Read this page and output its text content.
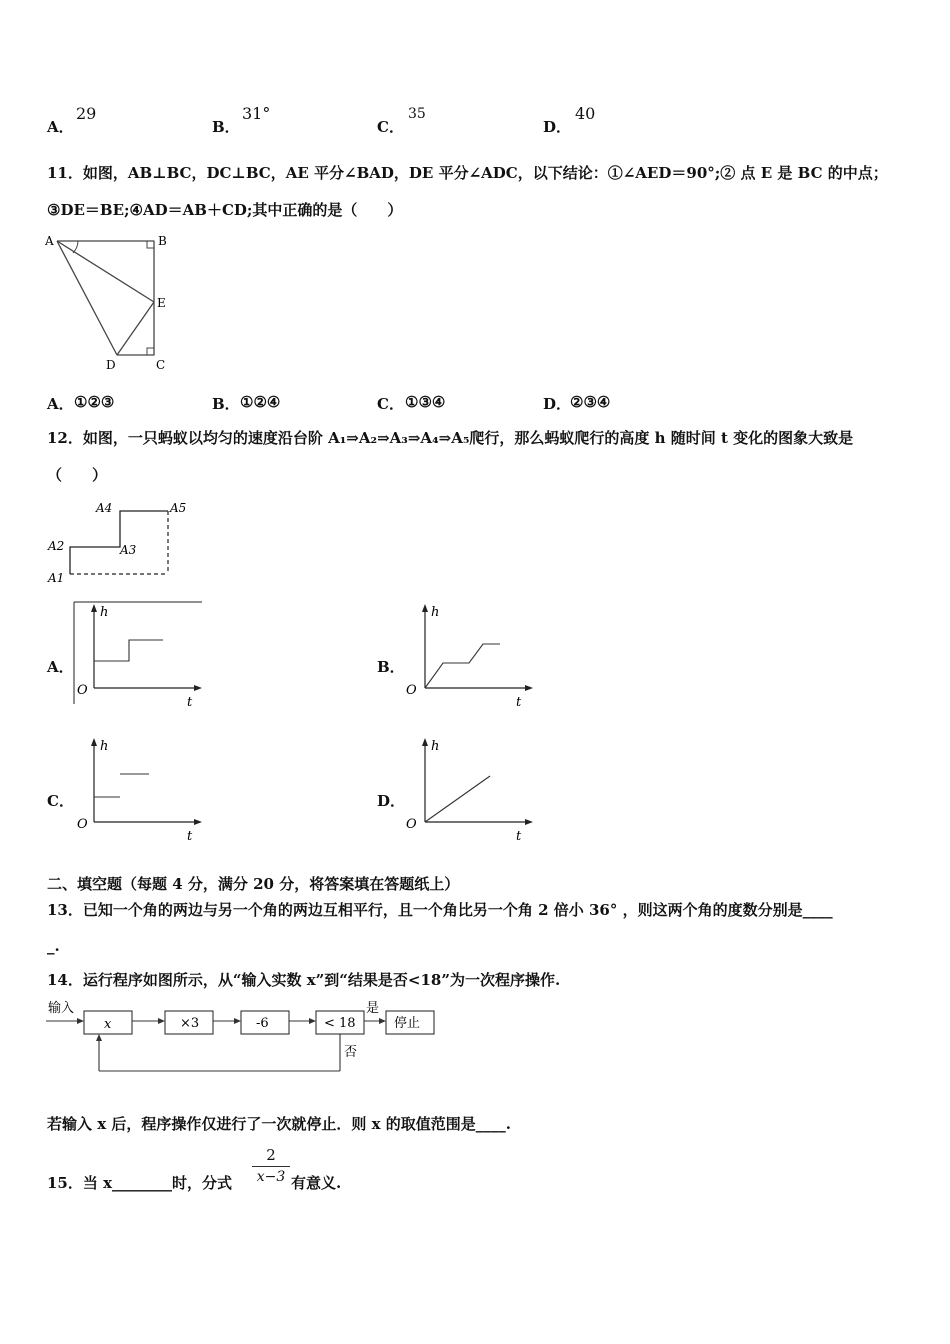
A．
29
B．
31°
C．
35
D．
40
11．如图，AB⊥BC，DC⊥BC，AE 平分∠BAD，DE 平分∠ADC，以下结论：①∠AED＝90°;② 点 E 是 BC 的中点；
③DE＝BE;④AD＝AB＋CD;其中正确的是（　　）
A	B
E
D	C
A． ①②③	B． ①②④	C． ①③④	D．
②③④
12．如图，一只蚂蚁以均匀的速度沿台阶 A₁⇒A₂⇒A₃⇒A₄⇒A₅爬行，那么蚂蚁爬行的高度 h 随时间 t 变化的图象大致是
（　　）
A1
A2	A3
A4	A5
A．
h
t
O
B．
h
t
O
C．
h
t
O
D．
h
t
O
二、填空题（每题 4 分，满分 20 分，将答案填在答题纸上）
13．已知一个角的两边与另一个角的两边互相平行，且一个角比另一个角 2 倍小 36° ，则这两个角的度数分别是____
_.
14．运行程序如图所示，从“输入实数 x”到“结果是否<18”为一次程序操作.
输入
x	×3	-6	< 18
是
停止
否
若输入 x 后，程序操作仅进行了一次就停止．则 x 的取值范围是____.
15．当 x________时，分式 $\frac{2}{x-3}$ 有意义.
